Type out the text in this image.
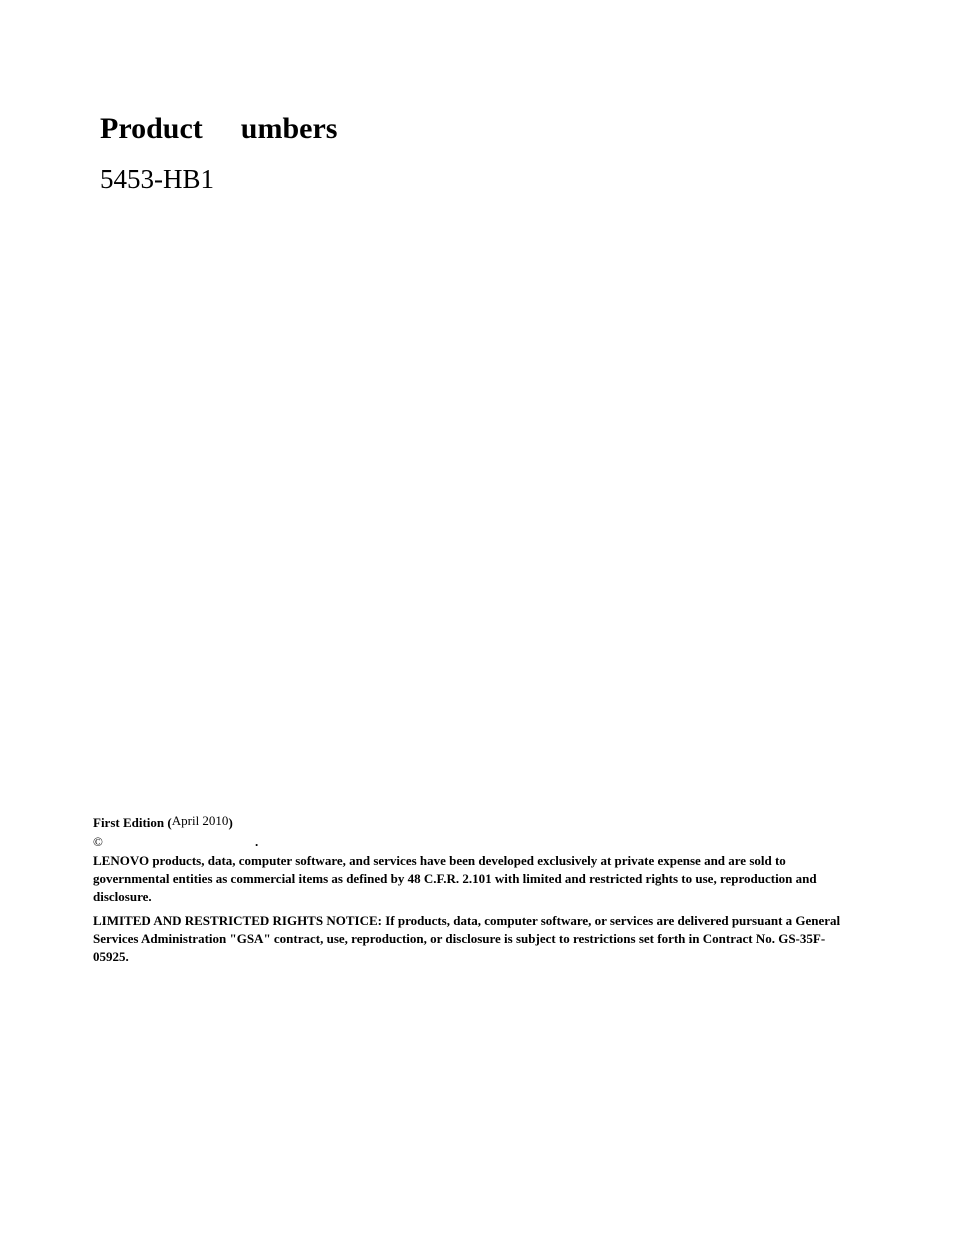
Product umbers
5453-HB1
First Edition (April 2010)
©	.

LENOVO products, data, computer software, and services have been developed exclusively at private expense and are sold to governmental entities as commercial items as defined by 48 C.F.R. 2.101 with limited and restricted rights to use, reproduction and disclosure.

LIMITED AND RESTRICTED RIGHTS NOTICE: If products, data, computer software, or services are delivered pursuant a General Services Administration "GSA" contract, use, reproduction, or disclosure is subject to restrictions set forth in Contract No. GS-35F-05925.
